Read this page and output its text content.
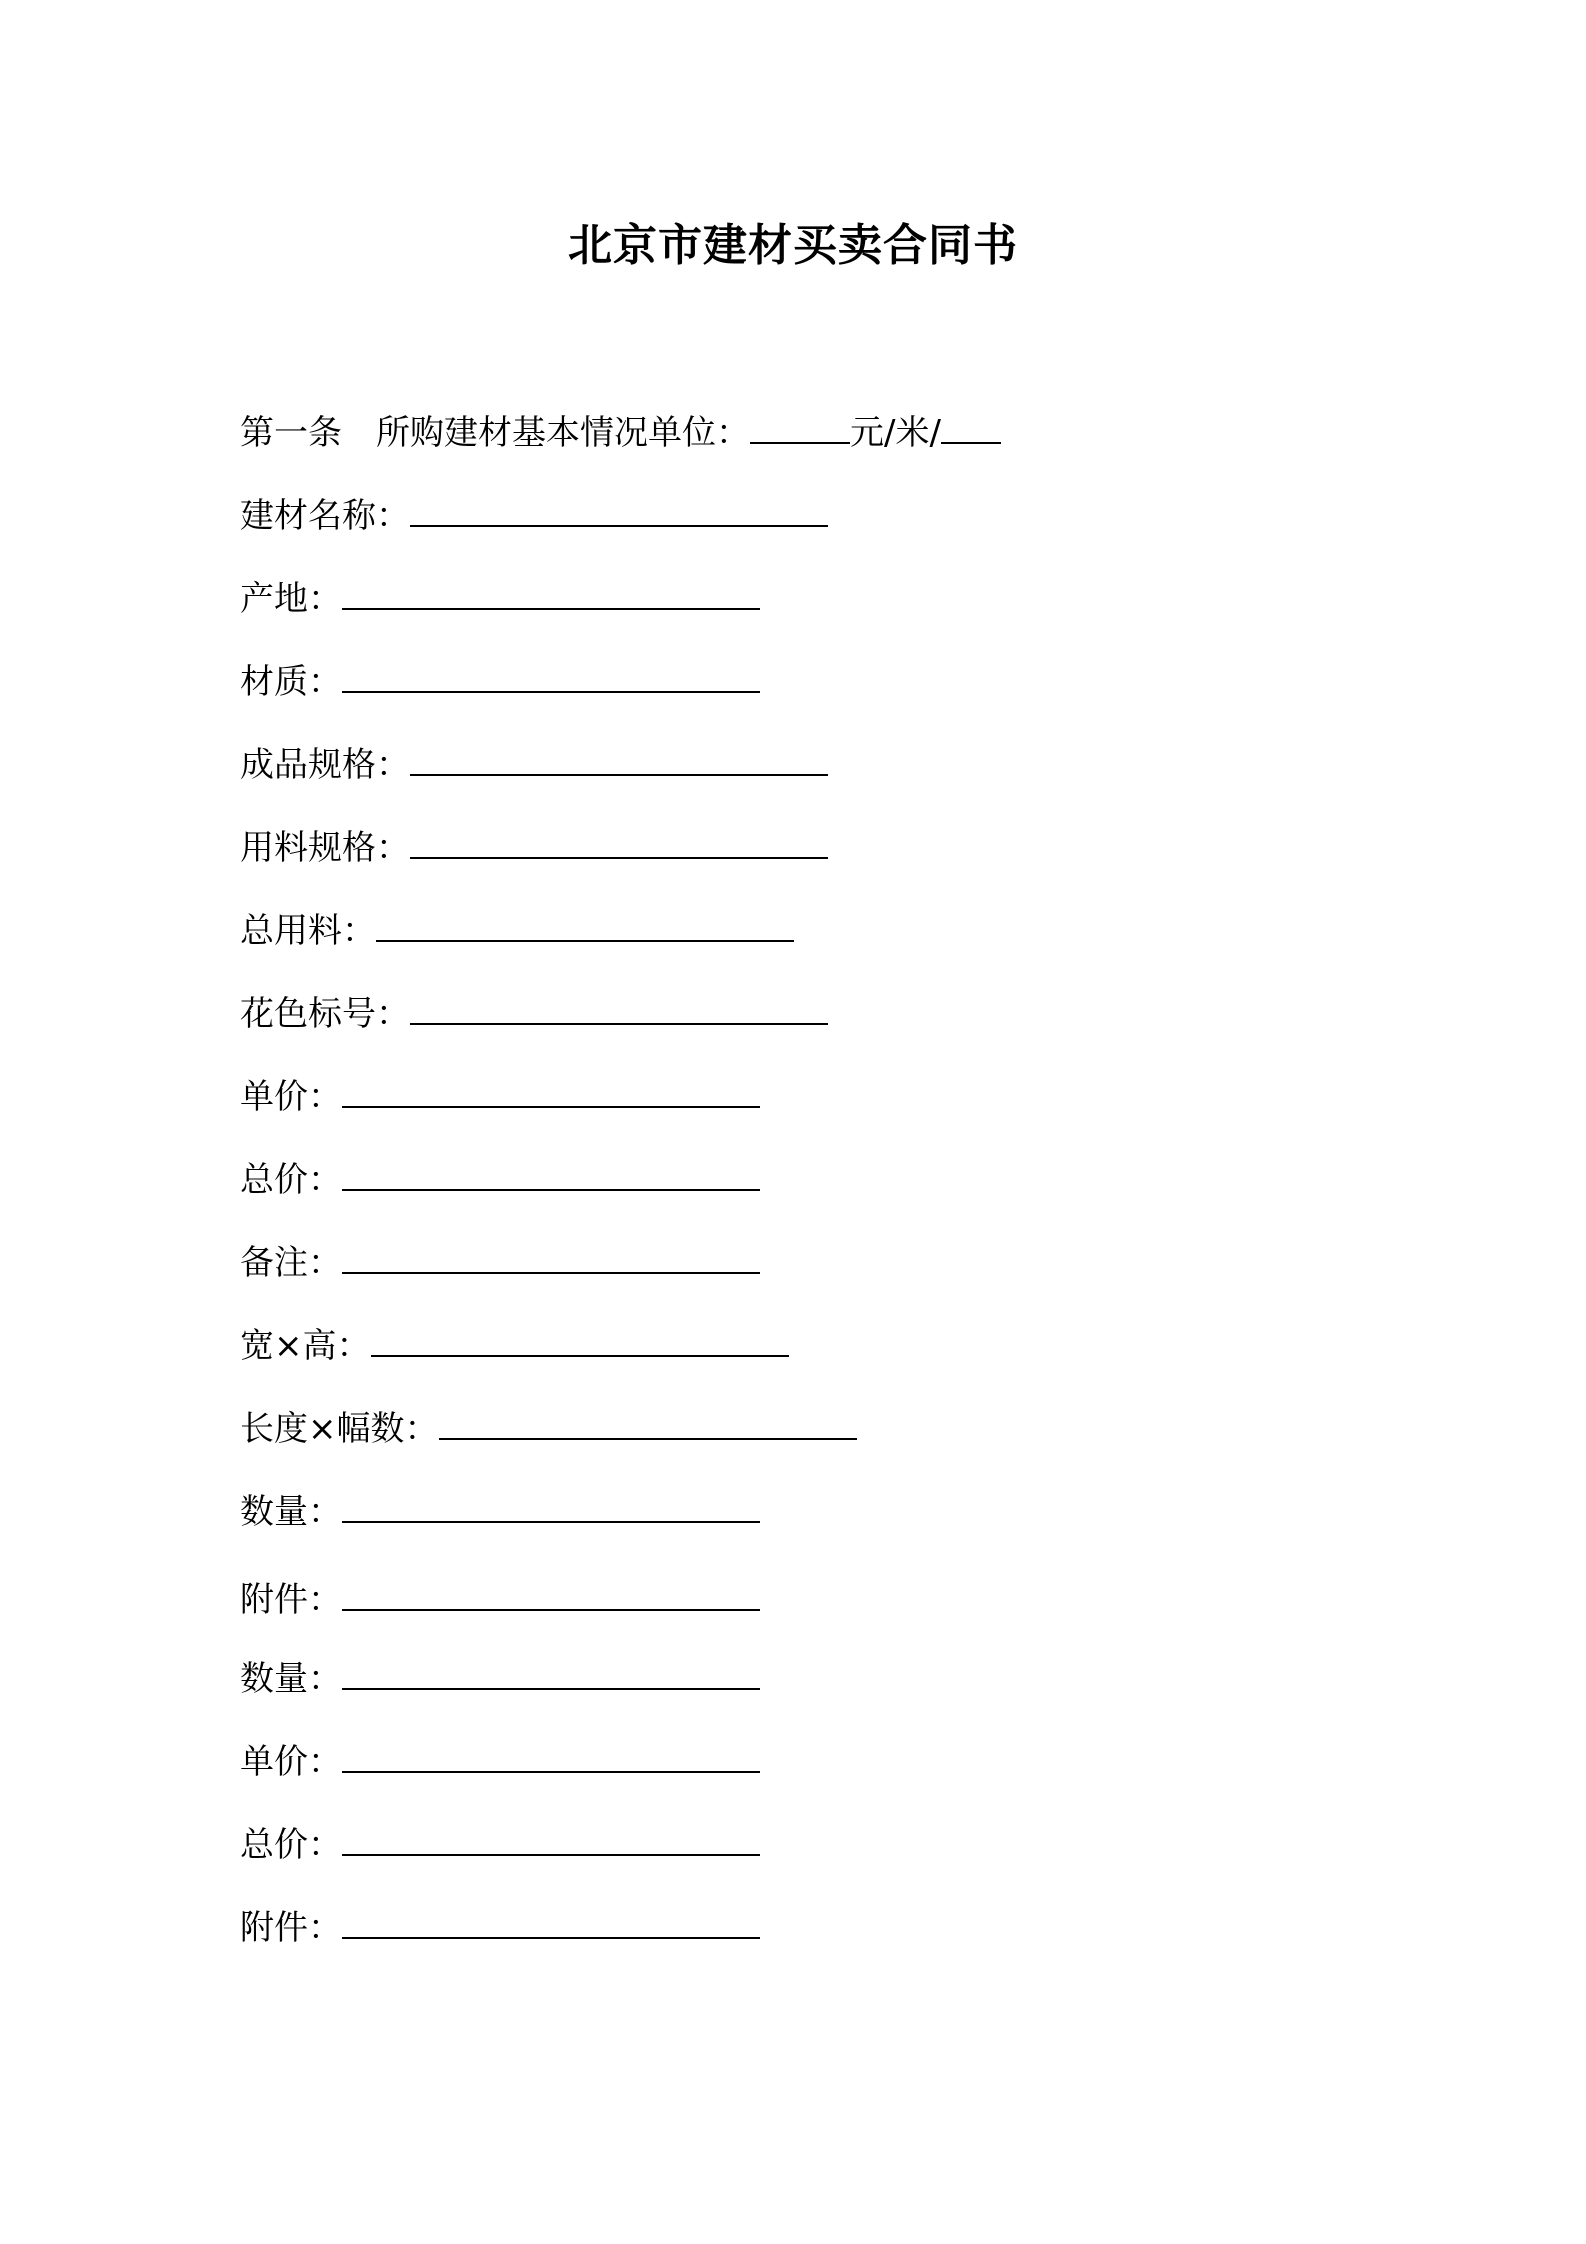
北京市建材买卖合同书
第一条 所购建材基本情况单位：	元/米/
建材名称：
产地：
材质：
成品规格：
用料规格：
总用料：
花色标号：
单价：
总价：
备注：
宽×高：
长度×幅数：
数量：
附件：
数量：
单价：
总价：
附件：
